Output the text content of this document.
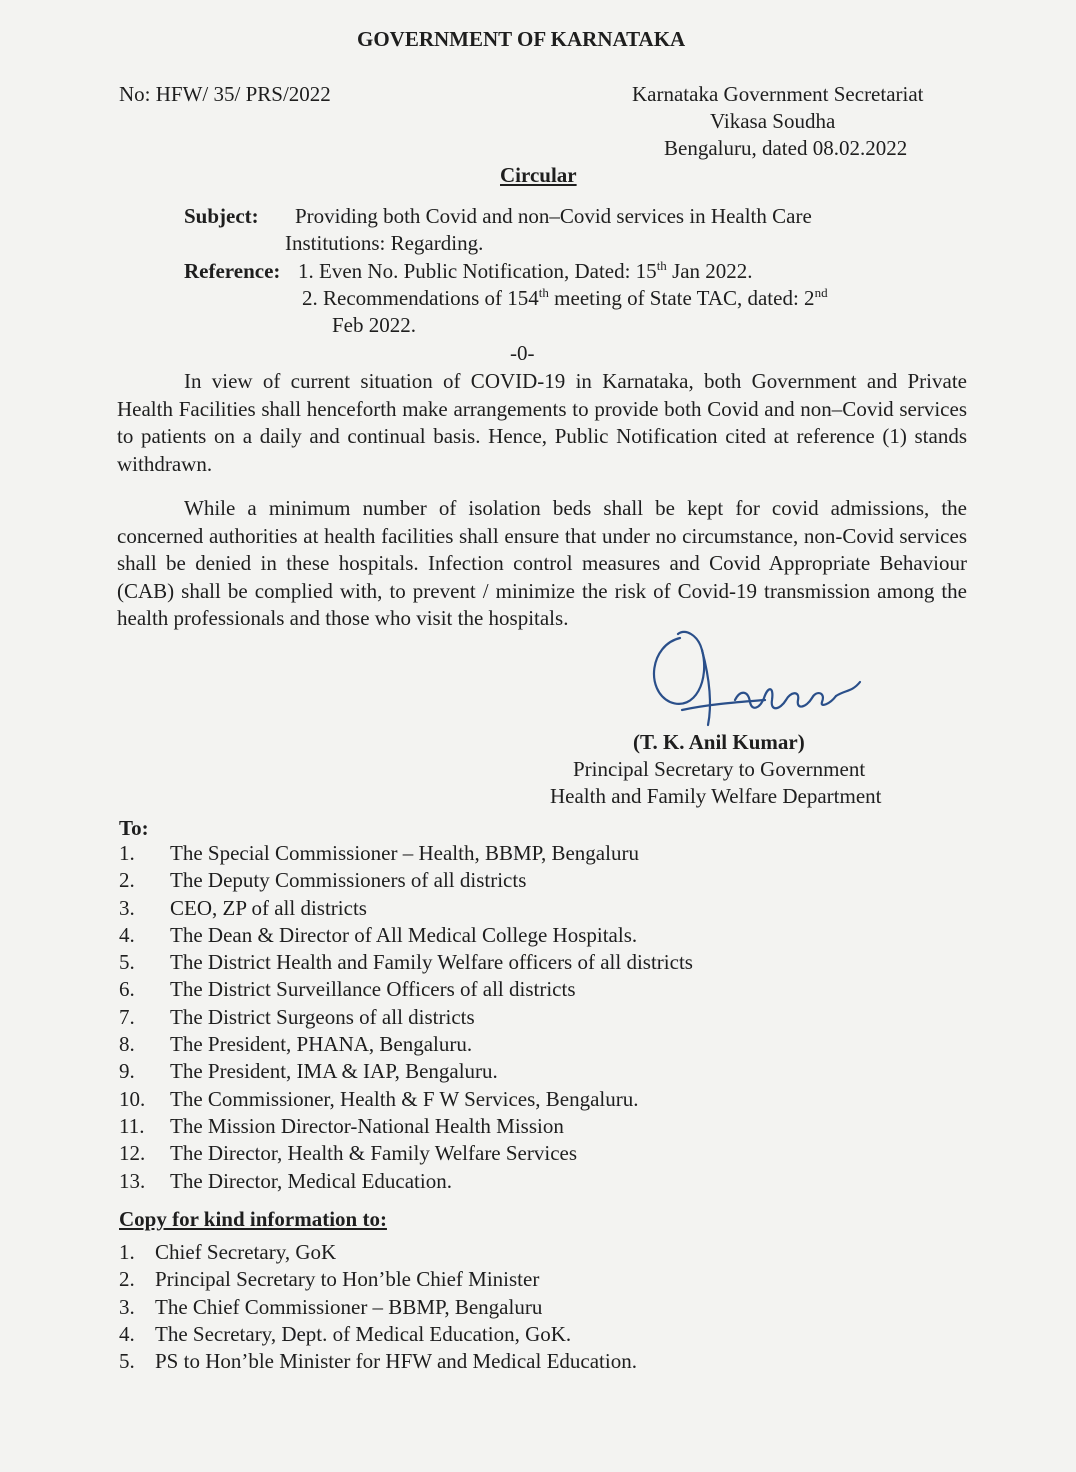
GOVERNMENT OF KARNATAKA
No: HFW/ 35/ PRS/2022	Karnataka Government Secretariat
Vikasa Soudha
Bengaluru, dated 08.02.2022
Circular
Subject: Providing both Covid and non–Covid services in Health Care
Institutions: Regarding.
Reference: 1. Even No. Public Notification, Dated: 15th Jan 2022.
2. Recommendations of 154th meeting of State TAC, dated: 2nd
Feb 2022.
-0-

In view of current situation of COVID-19 in Karnataka, both Government and Private Health Facilities shall henceforth make arrangements to provide both Covid and non–Covid services to patients on a daily and continual basis. Hence, Public Notification cited at reference (1) stands withdrawn.

While a minimum number of isolation beds shall be kept for covid admissions, the concerned authorities at health facilities shall ensure that under no circumstance, non-Covid services shall be denied in these hospitals. Infection control measures and Covid Appropriate Behaviour (CAB) shall be complied with, to prevent / minimize the risk of Covid-19 transmission among the health professionals and those who visit the hospitals.

(T. K. Anil Kumar)
Principal Secretary to Government
Health and Family Welfare Department
To:
1. The Special Commissioner – Health, BBMP, Bengaluru
2. The Deputy Commissioners of all districts
3. CEO, ZP of all districts
4. The Dean & Director of All Medical College Hospitals.
5. The District Health and Family Welfare officers of all districts
6. The District Surveillance Officers of all districts
7. The District Surgeons of all districts
8. The President, PHANA, Bengaluru.
9. The President, IMA & IAP, Bengaluru.
10. The Commissioner, Health & F W Services, Bengaluru.
11. The Mission Director-National Health Mission
12. The Director, Health & Family Welfare Services
13. The Director, Medical Education.
Copy for kind information to:
1. Chief Secretary, GoK
2. Principal Secretary to Hon’ble Chief Minister
3. The Chief Commissioner – BBMP, Bengaluru
4. The Secretary, Dept. of Medical Education, GoK.
5. PS to Hon’ble Minister for HFW and Medical Education.
